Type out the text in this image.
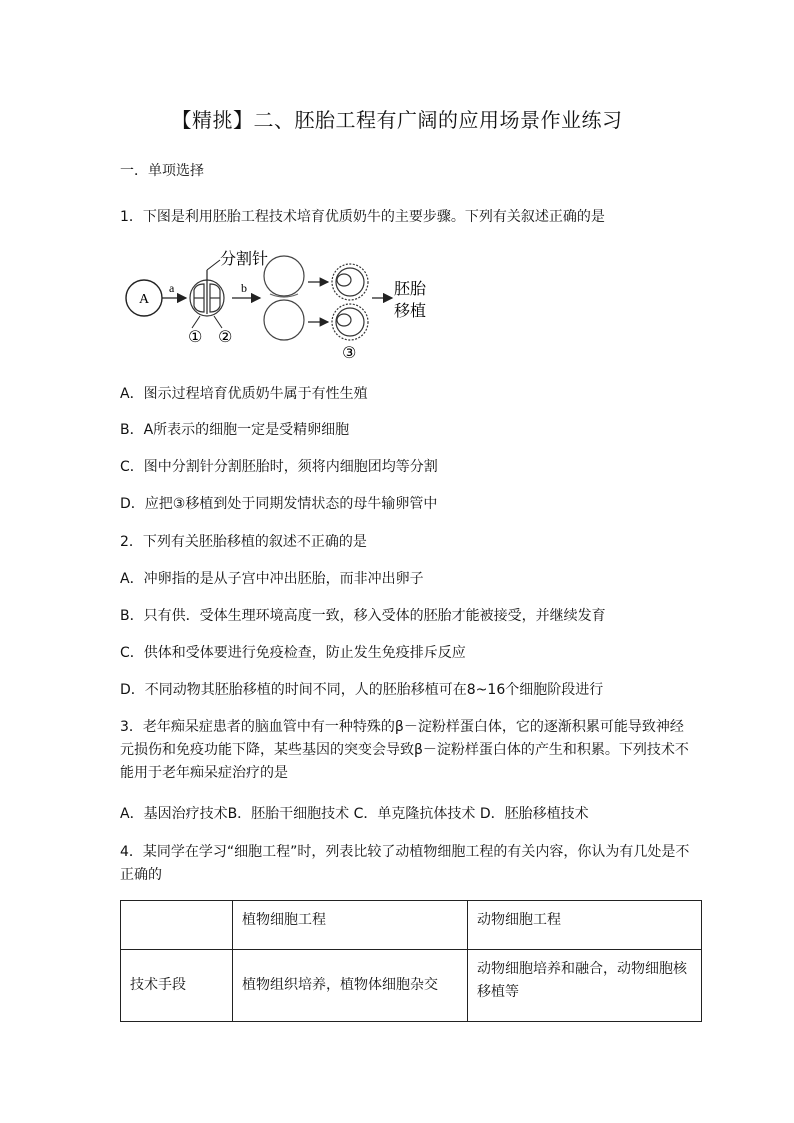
【精挑】二、胚胎工程有广阔的应用场景作业练习
一．单项选择
1．下图是利用胚胎工程技术培育优质奶牛的主要步骤。下列有关叙述正确的是
A
a
分割针
① ②
b
③
胚胎
移植
A．图示过程培育优质奶牛属于有性生殖
B．A所表示的细胞一定是受精卵细胞
C．图中分割针分割胚胎时，须将内细胞团均等分割
D．应把③移植到处于同期发情状态的母牛输卵管中
2．下列有关胚胎移植的叙述不正确的是
A．冲卵指的是从子宫中冲出胚胎，而非冲出卵子
B．只有供．受体生理环境高度一致，移入受体的胚胎才能被接受，并继续发育
C．供体和受体要进行免疫检查，防止发生免疫排斥反应
D．不同动物其胚胎移植的时间不同，人的胚胎移植可在8~16个细胞阶段进行
3．老年痴呆症患者的脑血管中有一种特殊的β－淀粉样蛋白体，它的逐渐积累可能导致神经元损伤和免疫功能下降，某些基因的突变会导致β－淀粉样蛋白体的产生和积累。下列技术不能用于老年痴呆症治疗的是
A．基因治疗技术B．胚胎干细胞技术 C．单克隆抗体技术 D．胚胎移植技术
4．某同学在学习“细胞工程”时，列表比较了动植物细胞工程的有关内容，你认为有几处是不正确的
	植物细胞工程	动物细胞工程
技术手段	植物组织培养，植物体细胞杂交	动物细胞培养和融合，动物细胞核移植等
